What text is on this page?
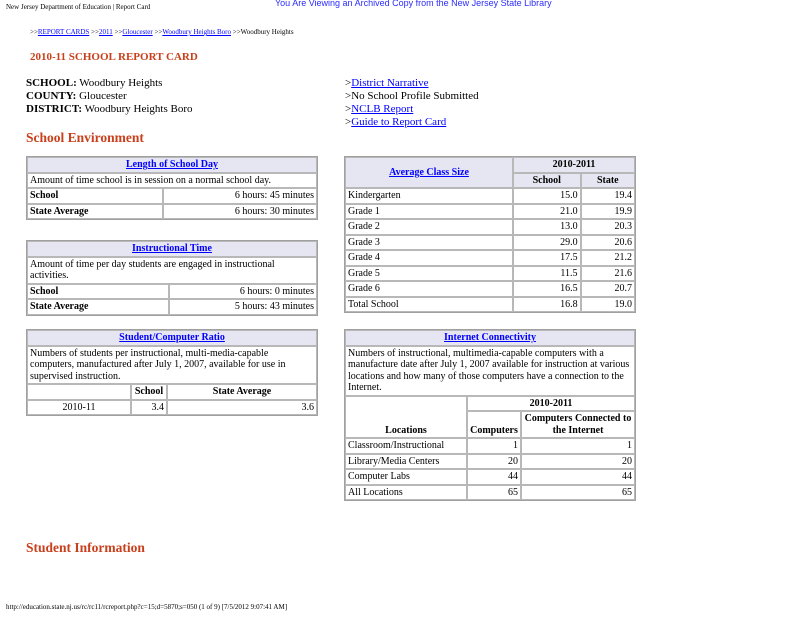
New Jersey Department of Education | Report Card	You Are Viewing an Archived Copy from the New Jersey State Library
>>REPORT CARDS >>2011 >>Gloucester >>Woodbury Heights Boro >>Woodbury Heights
2010-11 SCHOOL REPORT CARD
SCHOOL: Woodbury Heights
COUNTY: Gloucester
DISTRICT: Woodbury Heights Boro
>District Narrative
>No School Profile Submitted
>NCLB Report
>Guide to Report Card
School Environment
Length of School Day	
Amount of time school is in session on a normal school day.	
School	6 hours: 45 minutes
State Average	6 hours: 30 minutes
Instructional Time	
Amount of time per day students are engaged in instructional activities.	
School	6 hours: 0 minutes
State Average	5 hours: 43 minutes
Student/Computer Ratio		
Numbers of students per instructional, multi-media-capable computers, manufactured after July 1, 2007, available for use in supervised instruction.		
	School	State Average
2010-11	3.4	3.6
Average Class Size	2010-2011	
	School	State
Kindergarten	15.0	19.4
Grade 1	21.0	19.9
Grade 2	13.0	20.3
Grade 3	29.0	20.6
Grade 4	17.5	21.2
Grade 5	11.5	21.6
Grade 6	16.5	20.7
Total School	16.8	19.0
Internet Connectivity		
Numbers of instructional, multimedia-capable computers with a manufacture date after July 1, 2007 available for instruction at various locations and how many of those computers have a connection to the Internet.		
Locations	2010-2011	
	Computers	Computers Connected to the Internet
Classroom/Instructional	1	1
Library/Media Centers	20	20
Computer Labs	44	44
All Locations	65	65
Student Information
http://education.state.nj.us/rc/rc11/rcreport.php?c=15;d=5870;s=050 (1 of 9) [7/5/2012 9:07:41 AM]
